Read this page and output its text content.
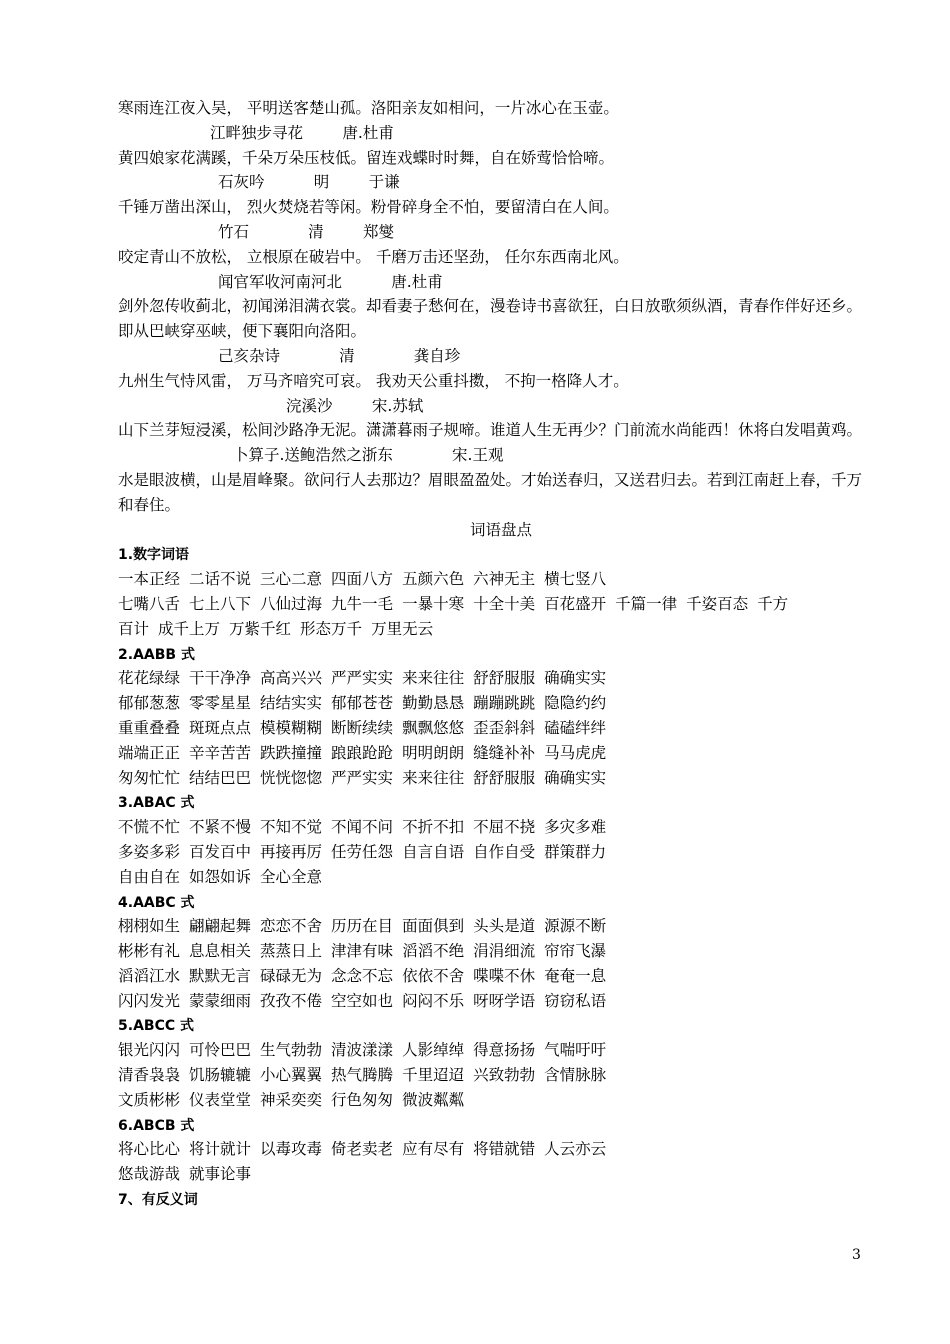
寒雨连江夜入吴， 平明送客楚山孤。洛阳亲友如相问，一片冰心在玉壶。
江畔独步寻花        唐.杜甫
黄四娘家花满蹊，千朵万朵压枝低。留连戏蝶时时舞，自在娇莺恰恰啼。
石灰吟          明        于谦
千锤万凿出深山， 烈火焚烧若等闲。粉骨碎身全不怕，要留清白在人间。
竹石            清        郑燮
咬定青山不放松， 立根原在破岩中。 千磨万击还坚劲， 任尔东西南北风。
闻官军收河南河北          唐.杜甫
剑外忽传收蓟北，初闻涕泪满衣裳。却看妻子愁何在，漫卷诗书喜欲狂，白日放歌须纵酒，青春作伴好还乡。即从巴峡穿巫峡，便下襄阳向洛阳。
己亥杂诗            清            龚自珍
九州生气恃风雷， 万马齐喑究可哀。 我劝天公重抖擞， 不拘一格降人才。
浣溪沙        宋.苏轼
山下兰芽短浸溪，松间沙路净无泥。潇潇暮雨子规啼。谁道人生无再少？门前流水尚能西！休将白发唱黄鸡。
卜算子.送鲍浩然之浙东            宋.王观
水是眼波横，山是眉峰聚。欲问行人去那边？眉眼盈盈处。才始送春归，又送君归去。若到江南赶上春，千万和春住。
词语盘点
1.数字词语
一本正经 二话不说 三心二意 四面八方 五颜六色 六神无主 横七竖八
七嘴八舌 七上八下 八仙过海 九牛一毛 一暴十寒 十全十美 百花盛开 千篇一律 千姿百态 千方
百计 成千上万 万紫千红 形态万千 万里无云
2.AABB 式
花花绿绿 干干净净 高高兴兴 严严实实 来来往往 舒舒服服 确确实实
郁郁葱葱 零零星星 结结实实 郁郁苍苍 勤勤恳恳 蹦蹦跳跳 隐隐约约
重重叠叠 斑斑点点 模模糊糊 断断续续 飘飘悠悠 歪歪斜斜 磕磕绊绊
端端正正 辛辛苦苦 跌跌撞撞 踉踉跄跄 明明朗朗 缝缝补补 马马虎虎
匆匆忙忙 结结巴巴 恍恍惚惚 严严实实 来来往往 舒舒服服 确确实实
3.ABAC 式
不慌不忙 不紧不慢 不知不觉 不闻不问 不折不扣 不屈不挠 多灾多难
多姿多彩 百发百中 再接再厉 任劳任怨 自言自语 自作自受 群策群力
自由自在 如怨如诉 全心全意
4.AABC 式
栩栩如生 翩翩起舞 恋恋不舍 历历在目 面面俱到 头头是道 源源不断
彬彬有礼 息息相关 蒸蒸日上 津津有味 滔滔不绝 涓涓细流 帘帘飞瀑
滔滔江水 默默无言 碌碌无为 念念不忘 依依不舍 喋喋不休 奄奄一息
闪闪发光 蒙蒙细雨 孜孜不倦 空空如也 闷闷不乐 呀呀学语 窃窃私语
5.ABCC 式
银光闪闪 可怜巴巴 生气勃勃 清波漾漾 人影绰绰 得意扬扬 气喘吁吁
清香袅袅 饥肠辘辘 小心翼翼 热气腾腾 千里迢迢 兴致勃勃 含情脉脉
文质彬彬 仪表堂堂 神采奕奕 行色匆匆 微波粼粼
6.ABCB 式
将心比心 将计就计 以毒攻毒 倚老卖老 应有尽有 将错就错 人云亦云
悠哉游哉 就事论事
7、有反义词
3
